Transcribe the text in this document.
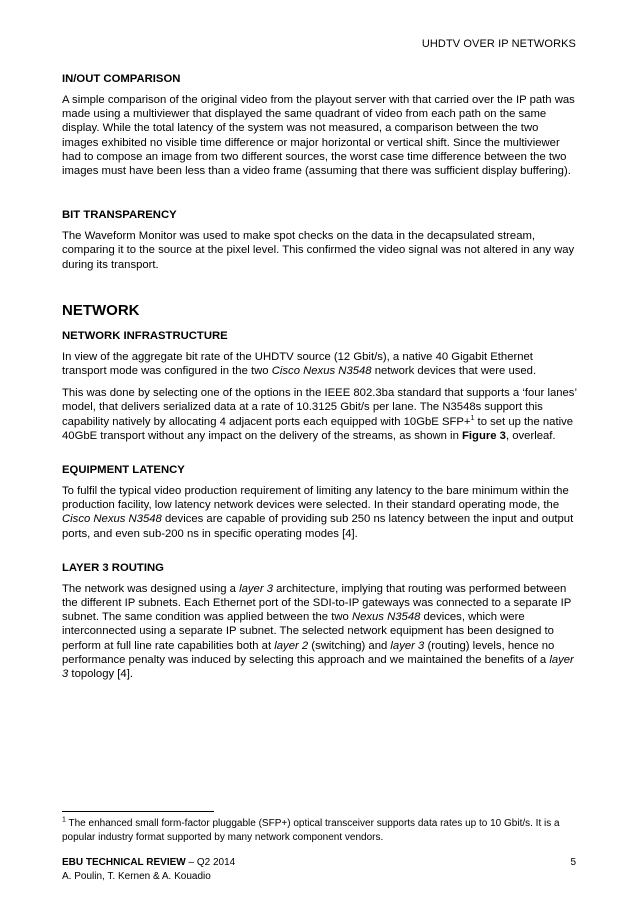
UHDTV OVER IP NETWORKS
IN/OUT COMPARISON

A simple comparison of the original video from the playout server with that carried over the IP path was made using a multiviewer that displayed the same quadrant of video from each path on the same display. While the total latency of the system was not measured, a comparison between the two images exhibited no visible time difference or major horizontal or vertical shift. Since the multiviewer had to compose an image from two different sources, the worst case time difference between the two images must have been less than a video frame (assuming that there was sufficient display buffering).

BIT TRANSPARENCY

The Waveform Monitor was used to make spot checks on the data in the decapsulated stream, comparing it to the source at the pixel level. This confirmed the video signal was not altered in any way during its transport.

NETWORK
NETWORK INFRASTRUCTURE

In view of the aggregate bit rate of the UHDTV source (12 Gbit/s), a native 40 Gigabit Ethernet transport mode was configured in the two Cisco Nexus N3548 network devices that were used.

This was done by selecting one of the options in the IEEE 802.3ba standard that supports a ‘four lanes’ model, that delivers serialized data at a rate of 10.3125 Gbit/s per lane. The N3548s support this capability natively by allocating 4 adjacent ports each equipped with 10GbE SFP+$^1$ to set up the native 40GbE transport without any impact on the delivery of the streams, as shown in Figure 3, overleaf.

EQUIPMENT LATENCY

To fulfil the typical video production requirement of limiting any latency to the bare minimum within the production facility, low latency network devices were selected. In their standard operating mode, the Cisco Nexus N3548 devices are capable of providing sub 250 ns latency between the input and output ports, and even sub-200 ns in specific operating modes [4].

LAYER 3 ROUTING

The network was designed using a layer 3 architecture, implying that routing was performed between the different IP subnets. Each Ethernet port of the SDI-to-IP gateways was connected to a separate IP subnet. The same condition was applied between the two Nexus N3548 devices, which were interconnected using a separate IP subnet. The selected network equipment has been designed to perform at full line rate capabilities both at layer 2 (switching) and layer 3 (routing) levels, hence no performance penalty was induced by selecting this approach and we maintained the benefits of a layer 3 topology [4].

$^1$ The enhanced small form-factor pluggable (SFP+) optical transceiver supports data rates up to 10 Gbit/s. It is a popular industry format supported by many network component vendors.
EBU TECHNICAL REVIEW – Q2 2014
A. Poulin, T. Kernen & A. Kouadio
5
